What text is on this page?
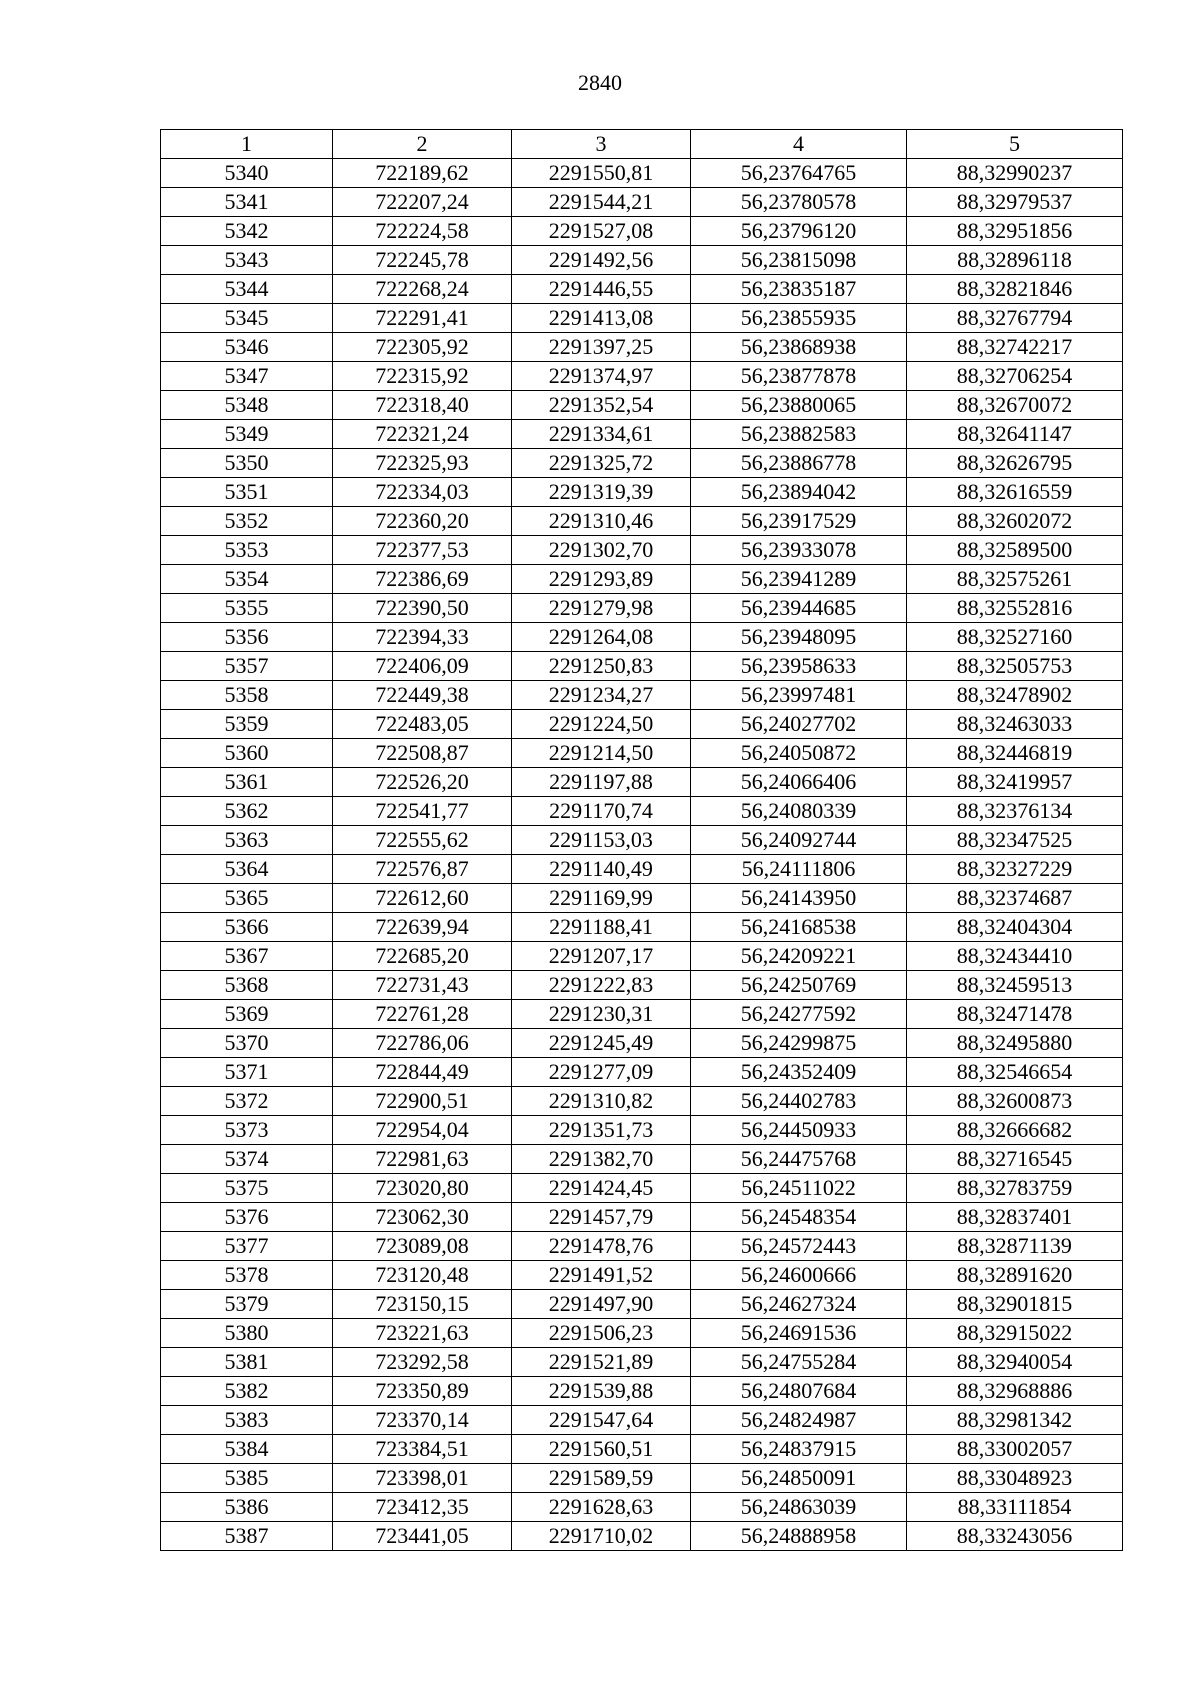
2840
1	2	3	4	5
5340	722189,62	2291550,81	56,23764765	88,32990237
5341	722207,24	2291544,21	56,23780578	88,32979537
5342	722224,58	2291527,08	56,23796120	88,32951856
5343	722245,78	2291492,56	56,23815098	88,32896118
5344	722268,24	2291446,55	56,23835187	88,32821846
5345	722291,41	2291413,08	56,23855935	88,32767794
5346	722305,92	2291397,25	56,23868938	88,32742217
5347	722315,92	2291374,97	56,23877878	88,32706254
5348	722318,40	2291352,54	56,23880065	88,32670072
5349	722321,24	2291334,61	56,23882583	88,32641147
5350	722325,93	2291325,72	56,23886778	88,32626795
5351	722334,03	2291319,39	56,23894042	88,32616559
5352	722360,20	2291310,46	56,23917529	88,32602072
5353	722377,53	2291302,70	56,23933078	88,32589500
5354	722386,69	2291293,89	56,23941289	88,32575261
5355	722390,50	2291279,98	56,23944685	88,32552816
5356	722394,33	2291264,08	56,23948095	88,32527160
5357	722406,09	2291250,83	56,23958633	88,32505753
5358	722449,38	2291234,27	56,23997481	88,32478902
5359	722483,05	2291224,50	56,24027702	88,32463033
5360	722508,87	2291214,50	56,24050872	88,32446819
5361	722526,20	2291197,88	56,24066406	88,32419957
5362	722541,77	2291170,74	56,24080339	88,32376134
5363	722555,62	2291153,03	56,24092744	88,32347525
5364	722576,87	2291140,49	56,24111806	88,32327229
5365	722612,60	2291169,99	56,24143950	88,32374687
5366	722639,94	2291188,41	56,24168538	88,32404304
5367	722685,20	2291207,17	56,24209221	88,32434410
5368	722731,43	2291222,83	56,24250769	88,32459513
5369	722761,28	2291230,31	56,24277592	88,32471478
5370	722786,06	2291245,49	56,24299875	88,32495880
5371	722844,49	2291277,09	56,24352409	88,32546654
5372	722900,51	2291310,82	56,24402783	88,32600873
5373	722954,04	2291351,73	56,24450933	88,32666682
5374	722981,63	2291382,70	56,24475768	88,32716545
5375	723020,80	2291424,45	56,24511022	88,32783759
5376	723062,30	2291457,79	56,24548354	88,32837401
5377	723089,08	2291478,76	56,24572443	88,32871139
5378	723120,48	2291491,52	56,24600666	88,32891620
5379	723150,15	2291497,90	56,24627324	88,32901815
5380	723221,63	2291506,23	56,24691536	88,32915022
5381	723292,58	2291521,89	56,24755284	88,32940054
5382	723350,89	2291539,88	56,24807684	88,32968886
5383	723370,14	2291547,64	56,24824987	88,32981342
5384	723384,51	2291560,51	56,24837915	88,33002057
5385	723398,01	2291589,59	56,24850091	88,33048923
5386	723412,35	2291628,63	56,24863039	88,33111854
5387	723441,05	2291710,02	56,24888958	88,33243056
